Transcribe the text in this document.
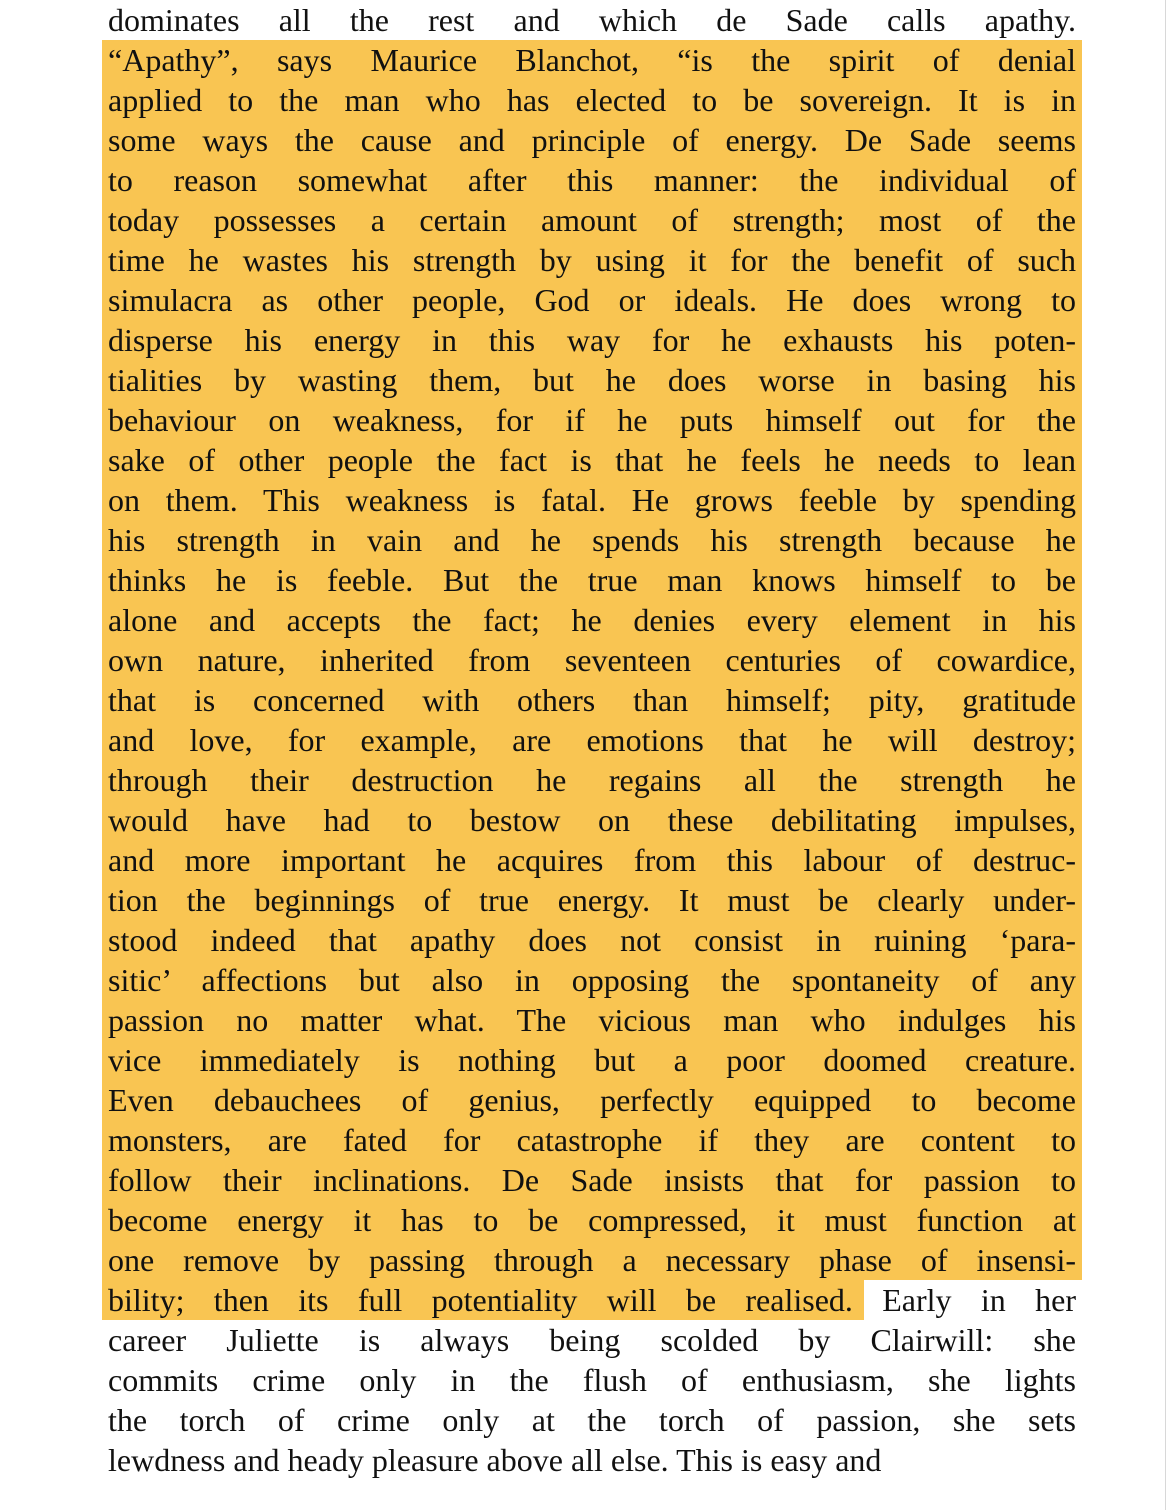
dominates all the rest and which de Sade calls apathy.
“Apathy”, says Maurice Blanchot, “is the spirit of denial
applied to the man who has elected to be sovereign. It is in
some ways the cause and principle of energy. De Sade seems
to reason somewhat after this manner: the individual of
today possesses a certain amount of strength; most of the
time he wastes his strength by using it for the benefit of such
simulacra as other people, God or ideals. He does wrong to
disperse his energy in this way for he exhausts his poten-
tialities by wasting them, but he does worse in basing his
behaviour on weakness, for if he puts himself out for the
sake of other people the fact is that he feels he needs to lean
on them. This weakness is fatal. He grows feeble by spending
his strength in vain and he spends his strength because he
thinks he is feeble. But the true man knows himself to be
alone and accepts the fact; he denies every element in his
own nature, inherited from seventeen centuries of cowardice,
that is concerned with others than himself; pity, gratitude
and love, for example, are emotions that he will destroy;
through their destruction he regains all the strength he
would have had to bestow on these debilitating impulses,
and more important he acquires from this labour of destruc-
tion the beginnings of true energy. It must be clearly under-
stood indeed that apathy does not consist in ruining ‘para-
sitic’ affections but also in opposing the spontaneity of any
passion no matter what. The vicious man who indulges his
vice immediately is nothing but a poor doomed creature.
Even debauchees of genius, perfectly equipped to become
monsters, are fated for catastrophe if they are content to
follow their inclinations. De Sade insists that for passion to
become energy it has to be compressed, it must function at
one remove by passing through a necessary phase of insensi-
bility; then its full potentiality will be realised. Early in her
career Juliette is always being scolded by Clairwill: she
commits crime only in the flush of enthusiasm, she lights
the torch of crime only at the torch of passion, she sets
lewdness and heady pleasure above all else. This is easy and
